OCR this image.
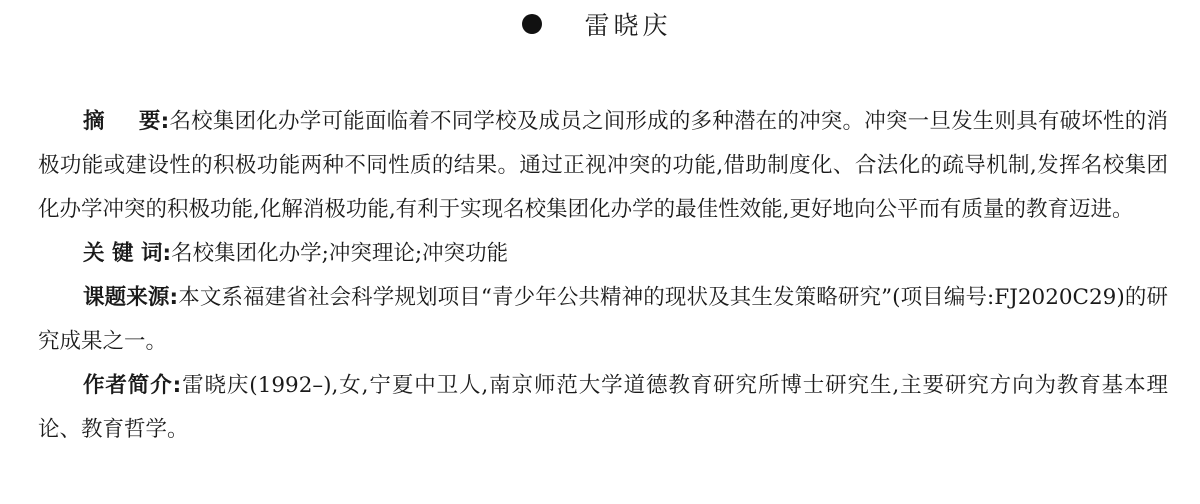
雷晓庆

摘 要:名校集团化办学可能面临着不同学校及成员之间形成的多种潜在的冲突。冲突一旦发生则具有破坏性的消极功能或建设性的积极功能两种不同性质的结果。通过正视冲突的功能,借助制度化、合法化的疏导机制,发挥名校集团化办学冲突的积极功能,化解消极功能,有利于实现名校集团化办学的最佳性效能,更好地向公平而有质量的教育迈进。

关 键 词:名校集团化办学;冲突理论;冲突功能

课题来源:本文系福建省社会科学规划项目“青少年公共精神的现状及其生发策略研究”(项目编号:FJ2020C29)的研究成果之一。

作者简介:雷晓庆(1992–),女,宁夏中卫人,南京师范大学道德教育研究所博士研究生,主要研究方向为教育基本理论、教育哲学。
